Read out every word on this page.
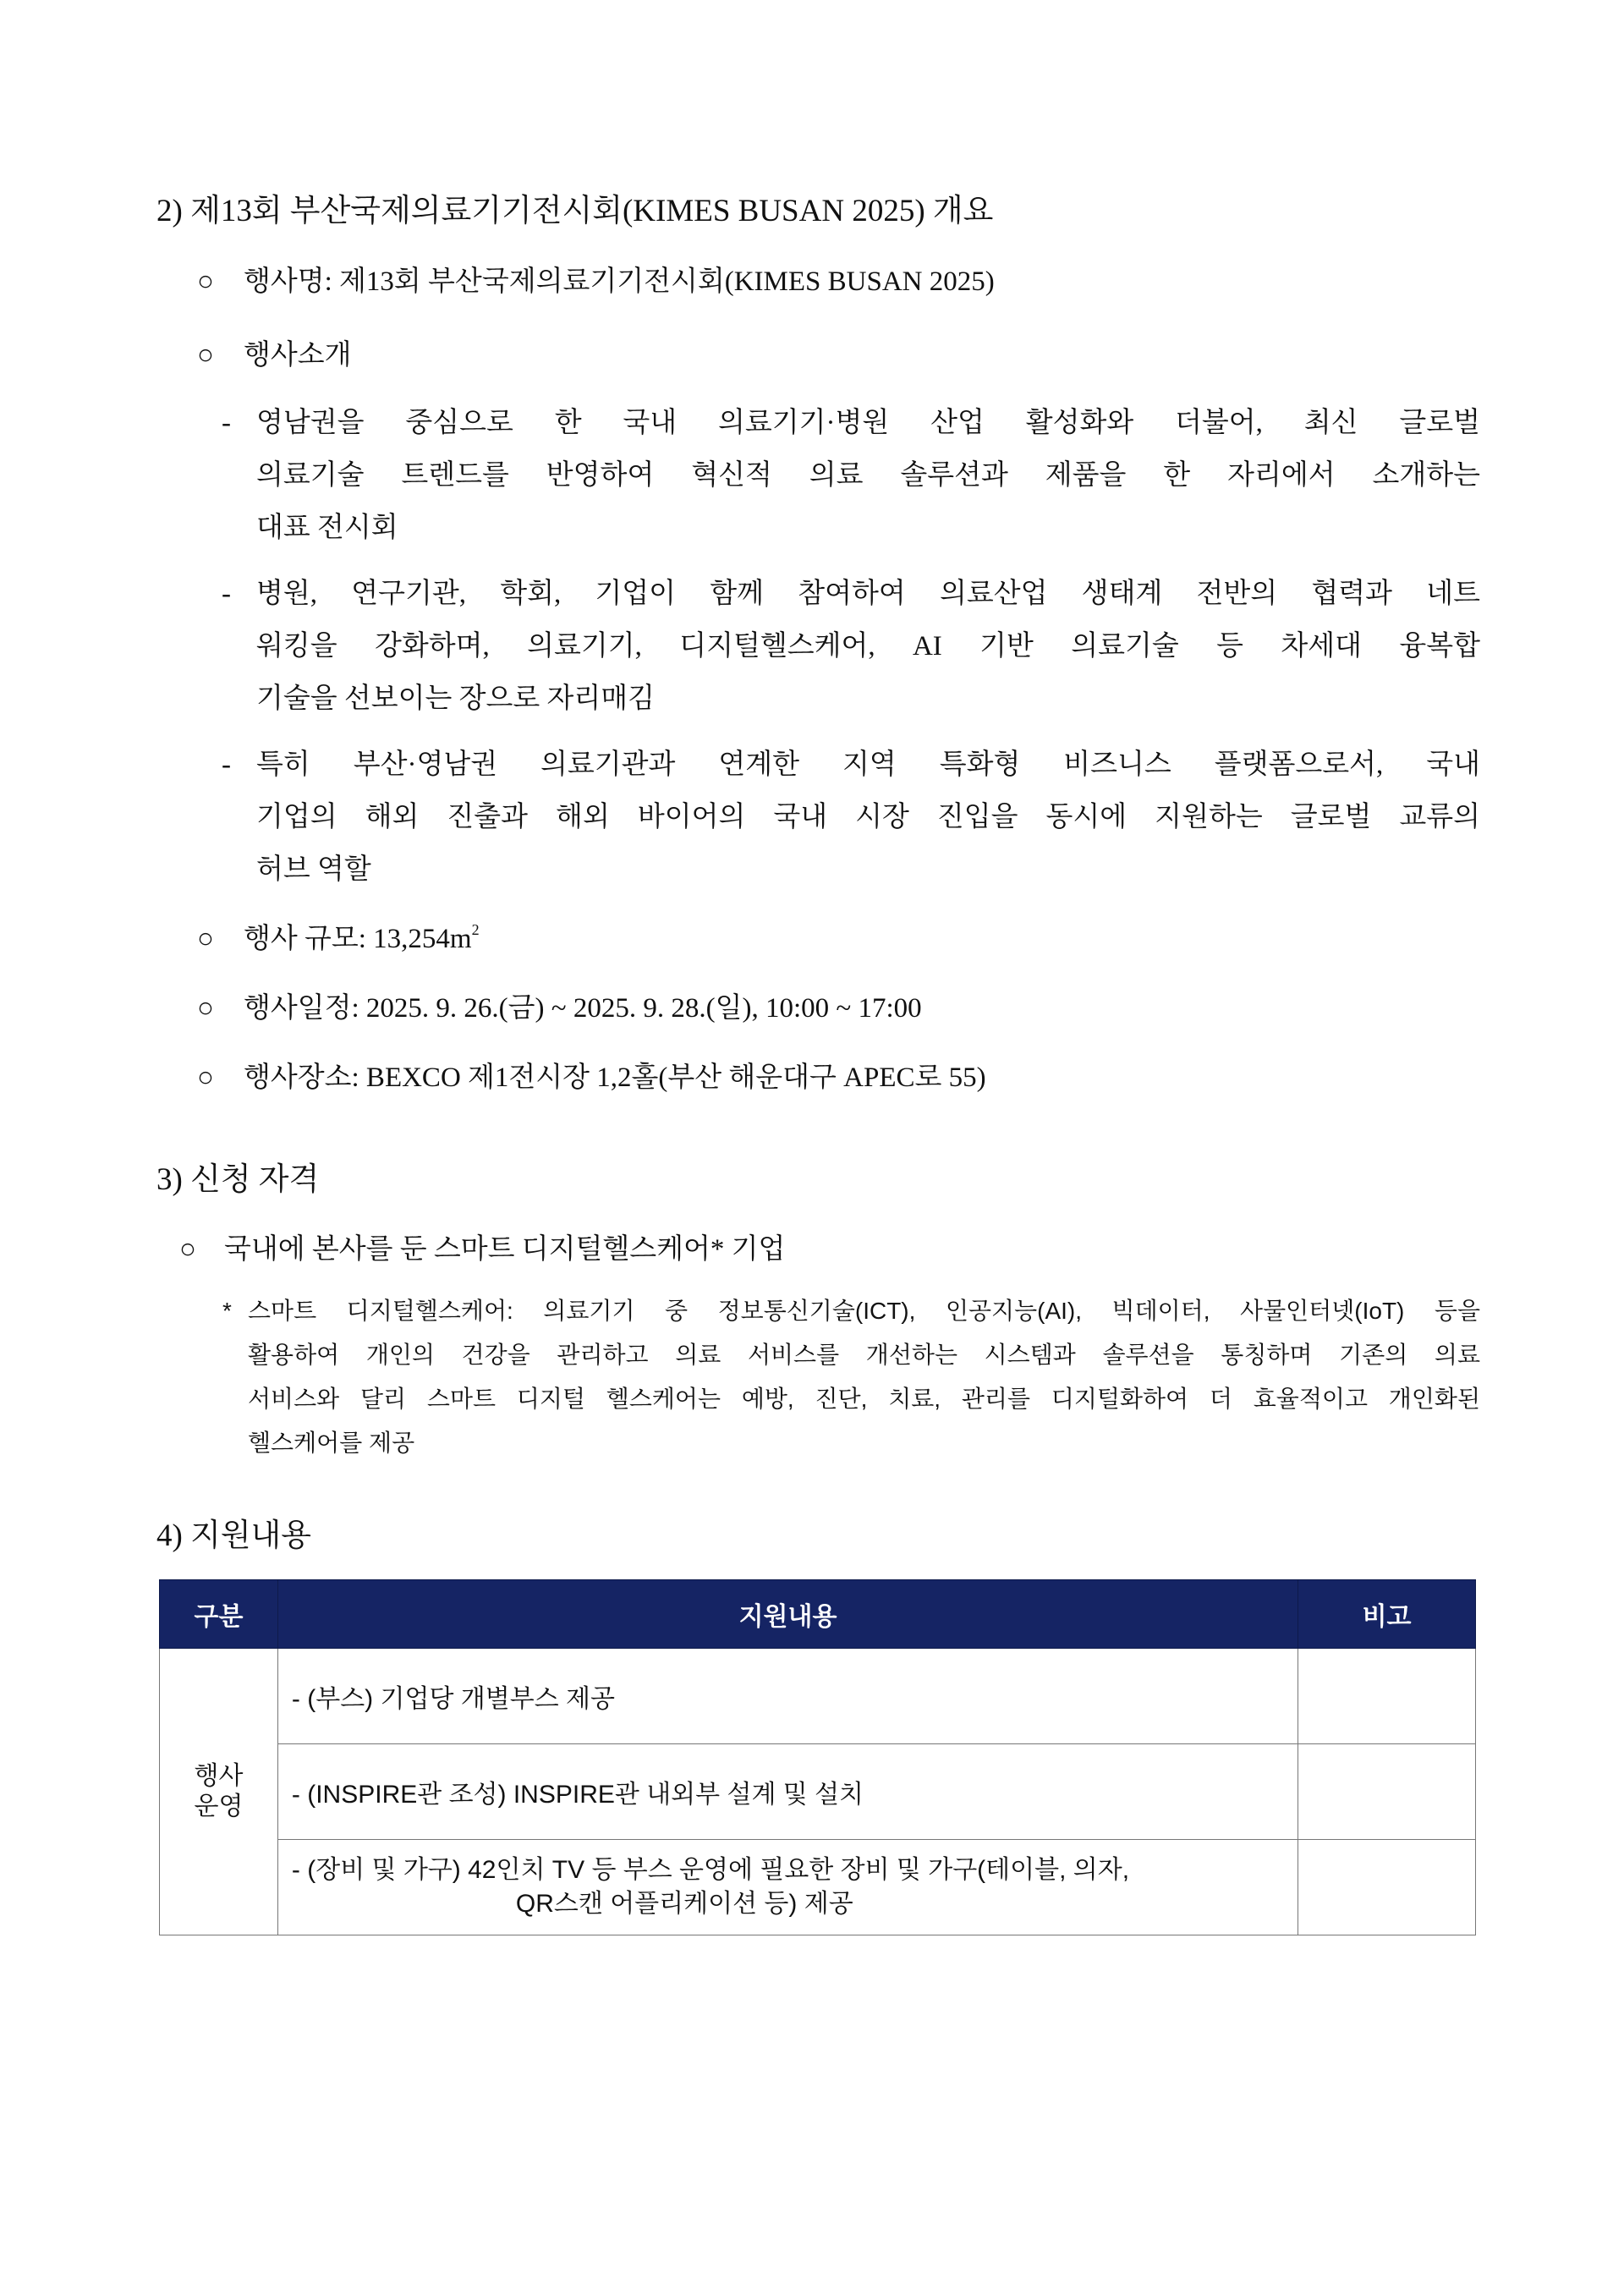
2) 제13회 부산국제의료기기전시회(KIMES BUSAN 2025) 개요
○ 행사명: 제13회 부산국제의료기기전시회(KIMES BUSAN 2025)
○ 행사소개
- 영남권을 중심으로 한 국내 의료기기·병원 산업 활성화와 더불어, 최신 글로벌
의료기술 트렌드를 반영하여 혁신적 의료 솔루션과 제품을 한 자리에서 소개하는
대표 전시회
- 병원, 연구기관, 학회, 기업이 함께 참여하여 의료산업 생태계 전반의 협력과 네트
워킹을 강화하며, 의료기기, 디지털헬스케어, AI 기반 의료기술 등 차세대 융복합
기술을 선보이는 장으로 자리매김
- 특히 부산·영남권 의료기관과 연계한 지역 특화형 비즈니스 플랫폼으로서, 국내
기업의 해외 진출과 해외 바이어의 국내 시장 진입을 동시에 지원하는 글로벌 교류의
허브 역할
○ 행사 규모: $13,254m^2$
○ 행사일정: 2025. 9. 26.(금) ~ 2025. 9. 28.(일), 10:00 ~ 17:00
○ 행사장소: BEXCO 제1전시장 1,2홀(부산 해운대구 APEC로 55)
3) 신청 자격
○ 국내에 본사를 둔 스마트 디지털헬스케어* 기업
* 스마트 디지털헬스케어: 의료기기 중 정보통신기술(ICT), 인공지능(AI), 빅데이터, 사물인터넷(IoT) 등을
활용하여 개인의 건강을 관리하고 의료 서비스를 개선하는 시스템과 솔루션을 통칭하며 기존의 의료
서비스와 달리 스마트 디지털 헬스케어는 예방, 진단, 치료, 관리를 디지털화하여 더 효율적이고 개인화된
헬스케어를 제공
4) 지원내용
구분	지원내용	비고

행사
운영	- (부스) 기업당 개별부스 제공	
	- (INSPIRE관 조성) INSPIRE관 내외부 설계 및 설치	

	- (장비 및 가구) 42인치 TV 등 부스 운영에 필요한 장비 및 가구(테이블, 의자,
QR스캔 어플리케이션 등) 제공	
